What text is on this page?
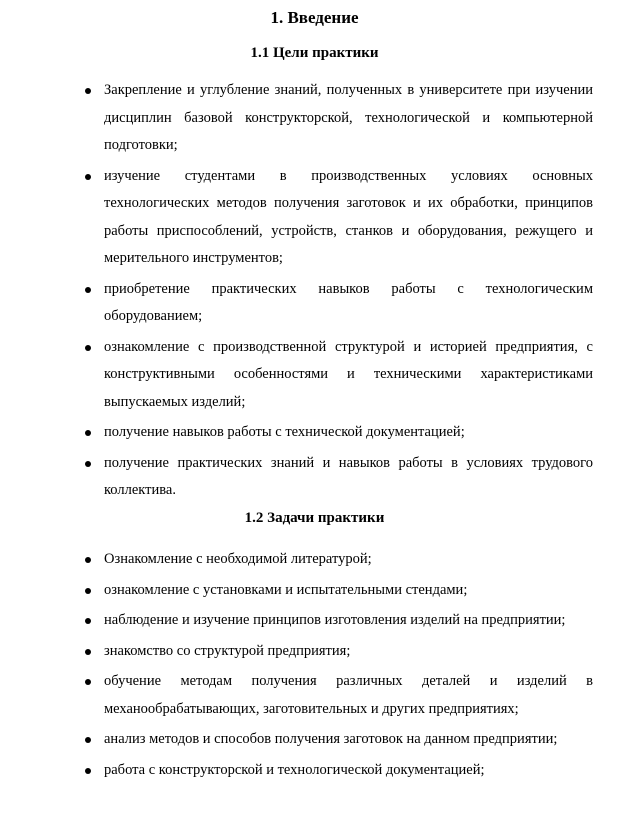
1. Введение
1.1 Цели практики
Закрепление и углубление знаний, полученных в университете при изучении дисциплин базовой конструкторской, технологической и компьютерной подготовки;
изучение студентами в производственных условиях основных технологических методов получения заготовок и их обработки, принципов работы приспособлений, устройств, станков и оборудования, режущего и мерительного инструментов;
приобретение практических навыков работы с технологическим оборудованием;
ознакомление с производственной структурой и историей предприятия, с конструктивными особенностями и техническими характеристиками выпускаемых изделий;
получение навыков работы с технической документацией;
получение практических знаний и навыков работы в условиях трудового коллектива.
1.2 Задачи практики
Ознакомление с необходимой литературой;
ознакомление с установками и испытательными стендами;
наблюдение и изучение принципов изготовления изделий на предприятии;
знакомство со структурой предприятия;
обучение методам получения различных деталей и изделий в механообрабатывающих, заготовительных и других предприятиях;
анализ методов и способов получения заготовок на данном предприятии;
работа с конструкторской и технологической документацией;
